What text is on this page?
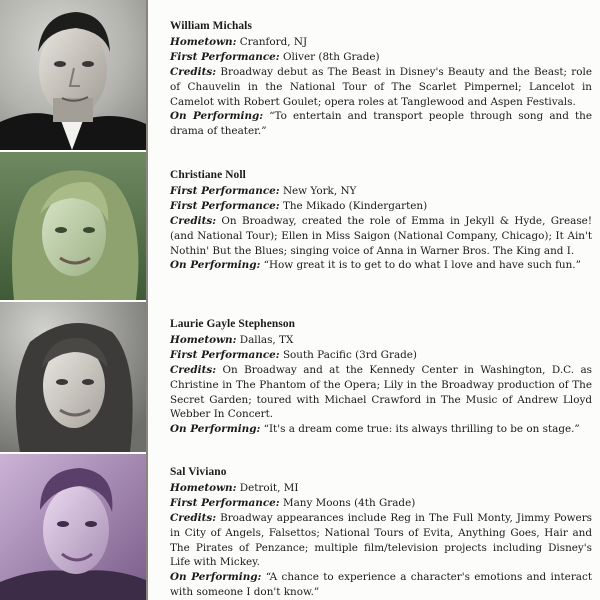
William Michals

Hometown: Cranford, NJ

First Performance: Oliver (8th Grade)

Credits: Broadway debut as The Beast in Disney's Beauty and the Beast; role of Chauvelin in the National Tour of The Scarlet Pimpernel; Lancelot in Camelot with Robert Goulet; opera roles at Tanglewood and Aspen Festivals.

On Performing: “To entertain and transport people through song and the drama of theater.”

Christiane Noll

First Performance: New York, NY

First Performance: The Mikado (Kindergarten)

Credits: On Broadway, created the role of Emma in Jekyll & Hyde, Grease! (and National Tour); Ellen in Miss Saigon (National Company, Chicago); It Ain't Nothin' But the Blues; singing voice of Anna in Warner Bros. The King and I.

On Performing: “How great it is to get to do what I love and have such fun.”

Laurie Gayle Stephenson

Hometown: Dallas, TX

First Performance: South Pacific (3rd Grade)

Credits: On Broadway and at the Kennedy Center in Washington, D.C. as Christine in The Phantom of the Opera; Lily in the Broadway production of The Secret Garden; toured with Michael Crawford in The Music of Andrew Lloyd Webber In Concert.

On Performing: “It's a dream come true: its always thrilling to be on stage.”

Sal Viviano

Hometown: Detroit, MI

First Performance: Many Moons (4th Grade)

Credits: Broadway appearances include Reg in The Full Monty, Jimmy Powers in City of Angels, Falsettos; National Tours of Evita, Anything Goes, Hair and The Pirates of Penzance; multiple film/television projects including Disney's Life with Mickey.

On Performing: “A chance to experience a character's emotions and interact with someone I don't know.”
